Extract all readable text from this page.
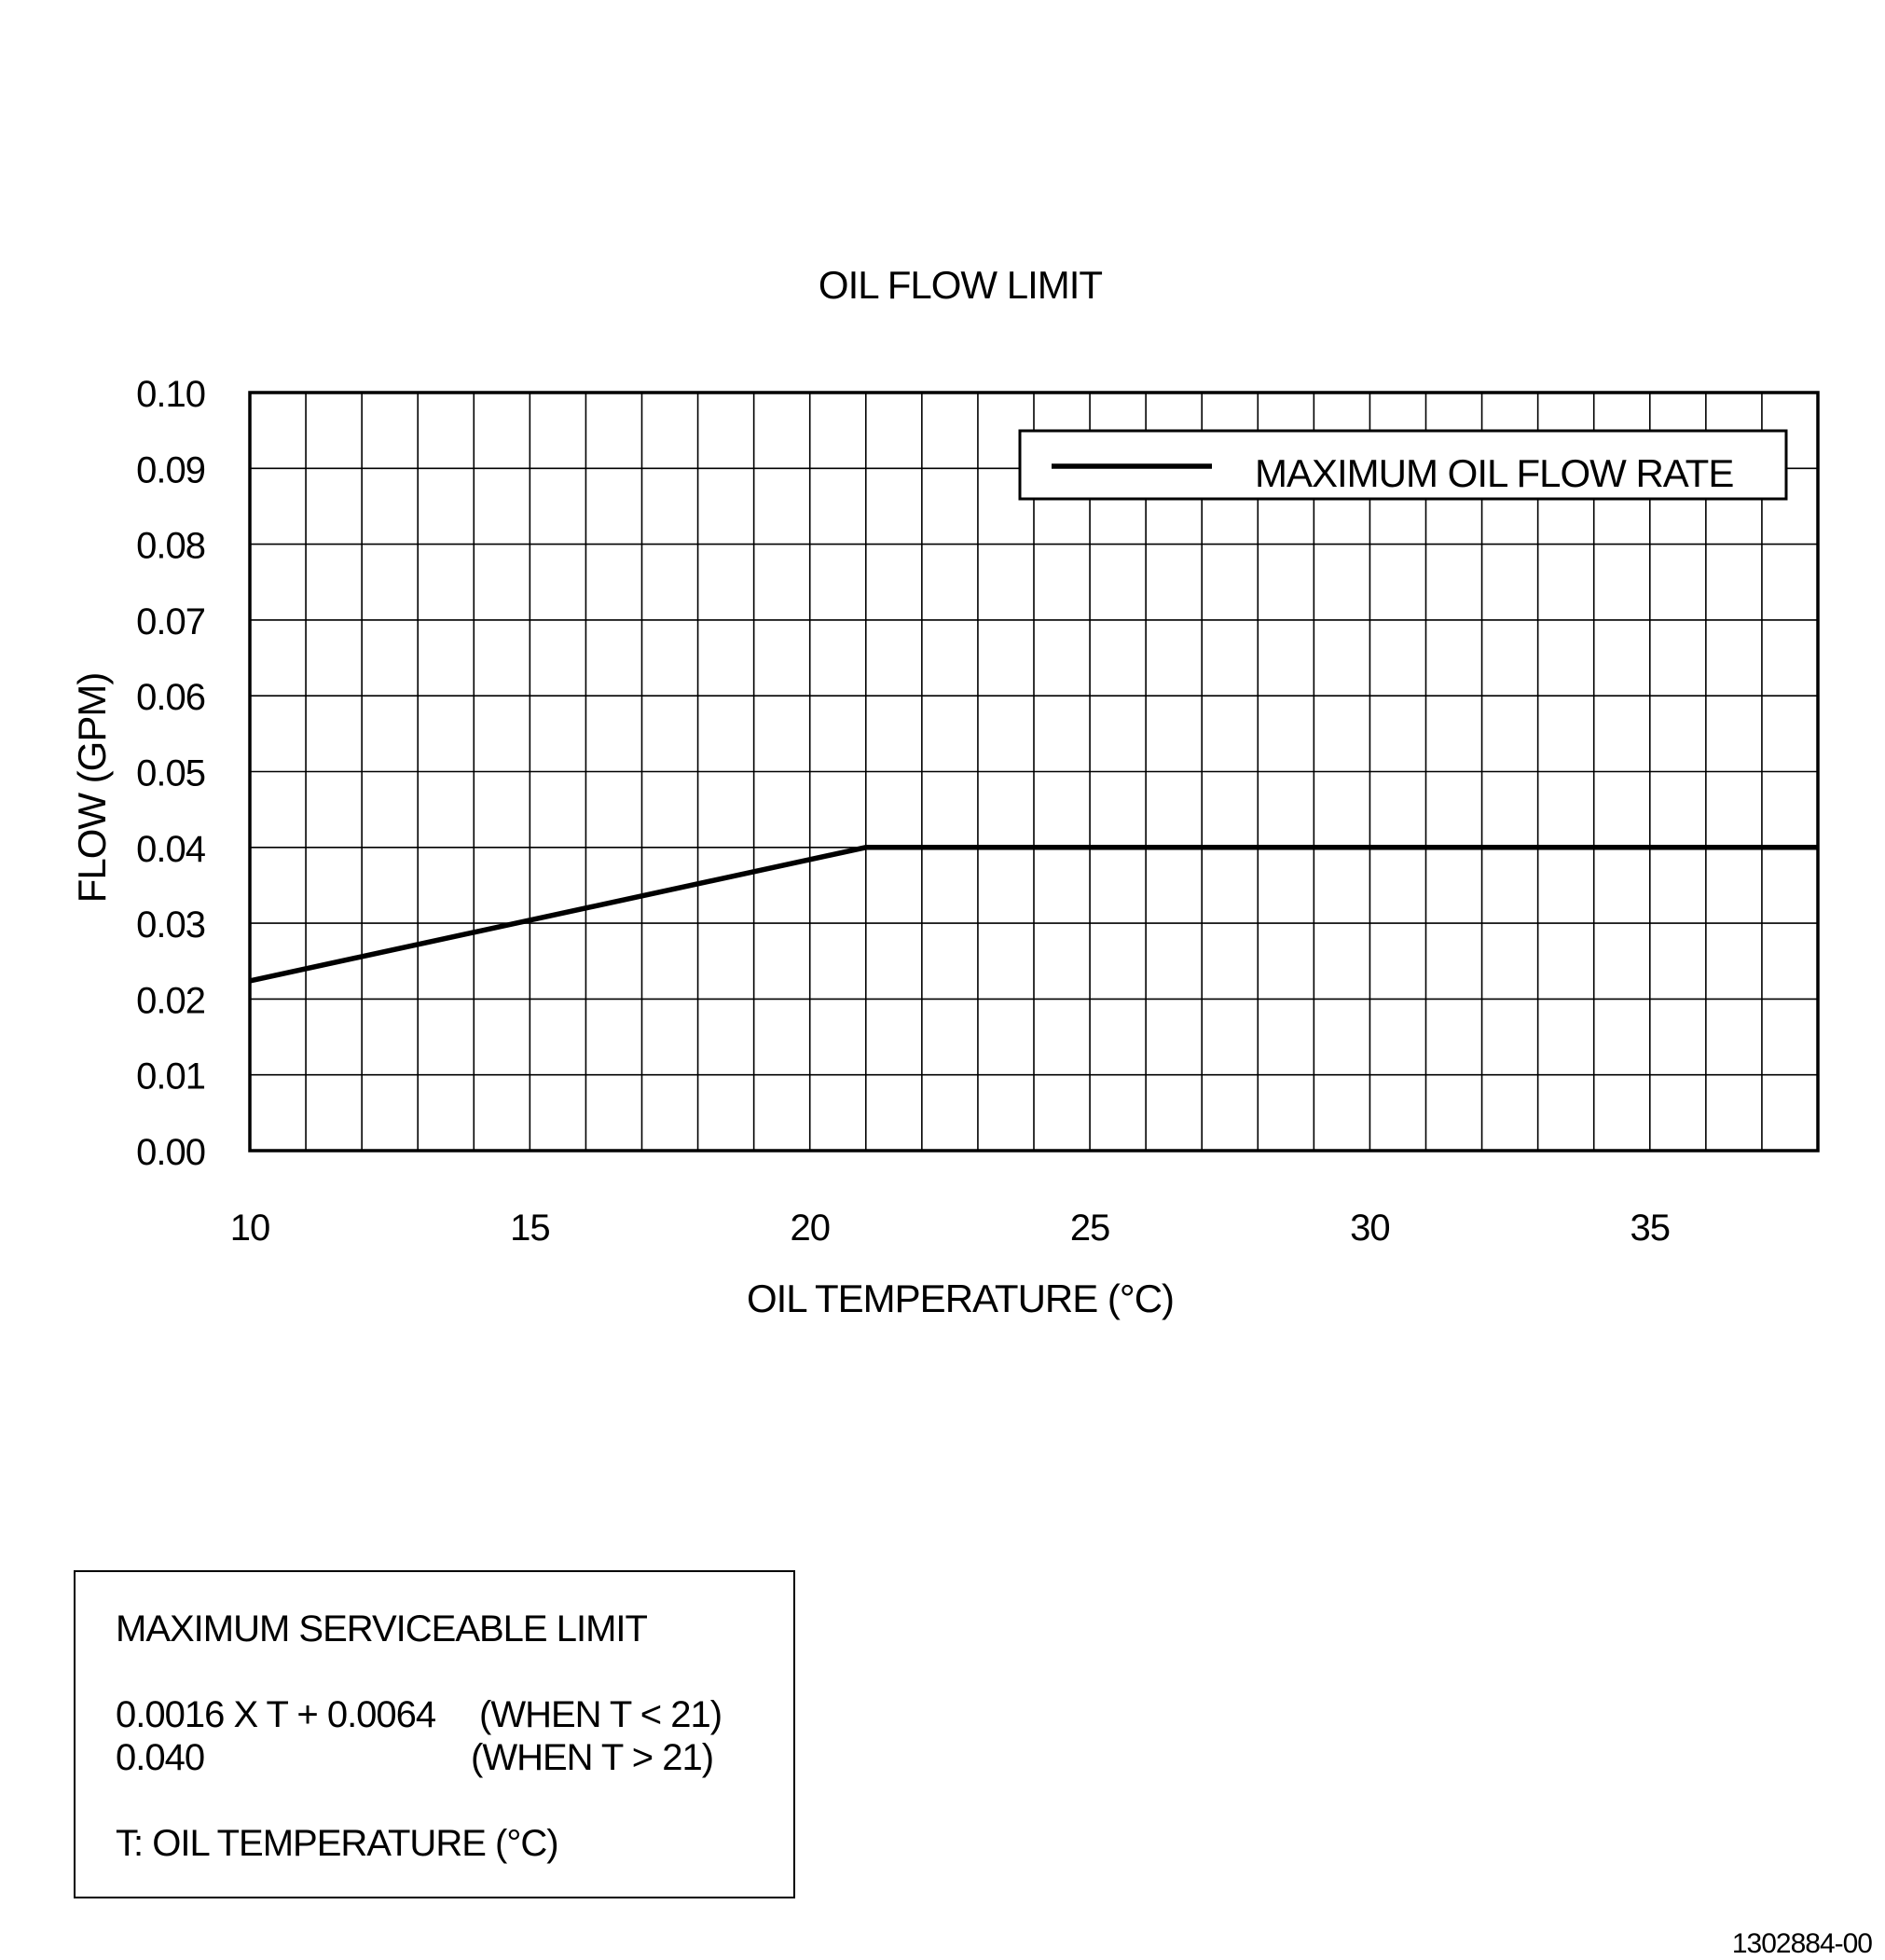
OIL FLOW LIMIT
0.00
0.01
0.02
0.03
0.04
0.05
0.06
0.07
0.08
0.09
0.10
10	15	20	25	30	35
MAXIMUM OIL FLOW RATE
OIL TEMPERATURE (°C)
FLOW (GPM)
MAXIMUM SERVICEABLE LIMIT
0.0016 X T + 0.0064 (WHEN T < 21)
0.040	(WHEN T > 21)
T: OIL TEMPERATURE (°C)
1302884-00
